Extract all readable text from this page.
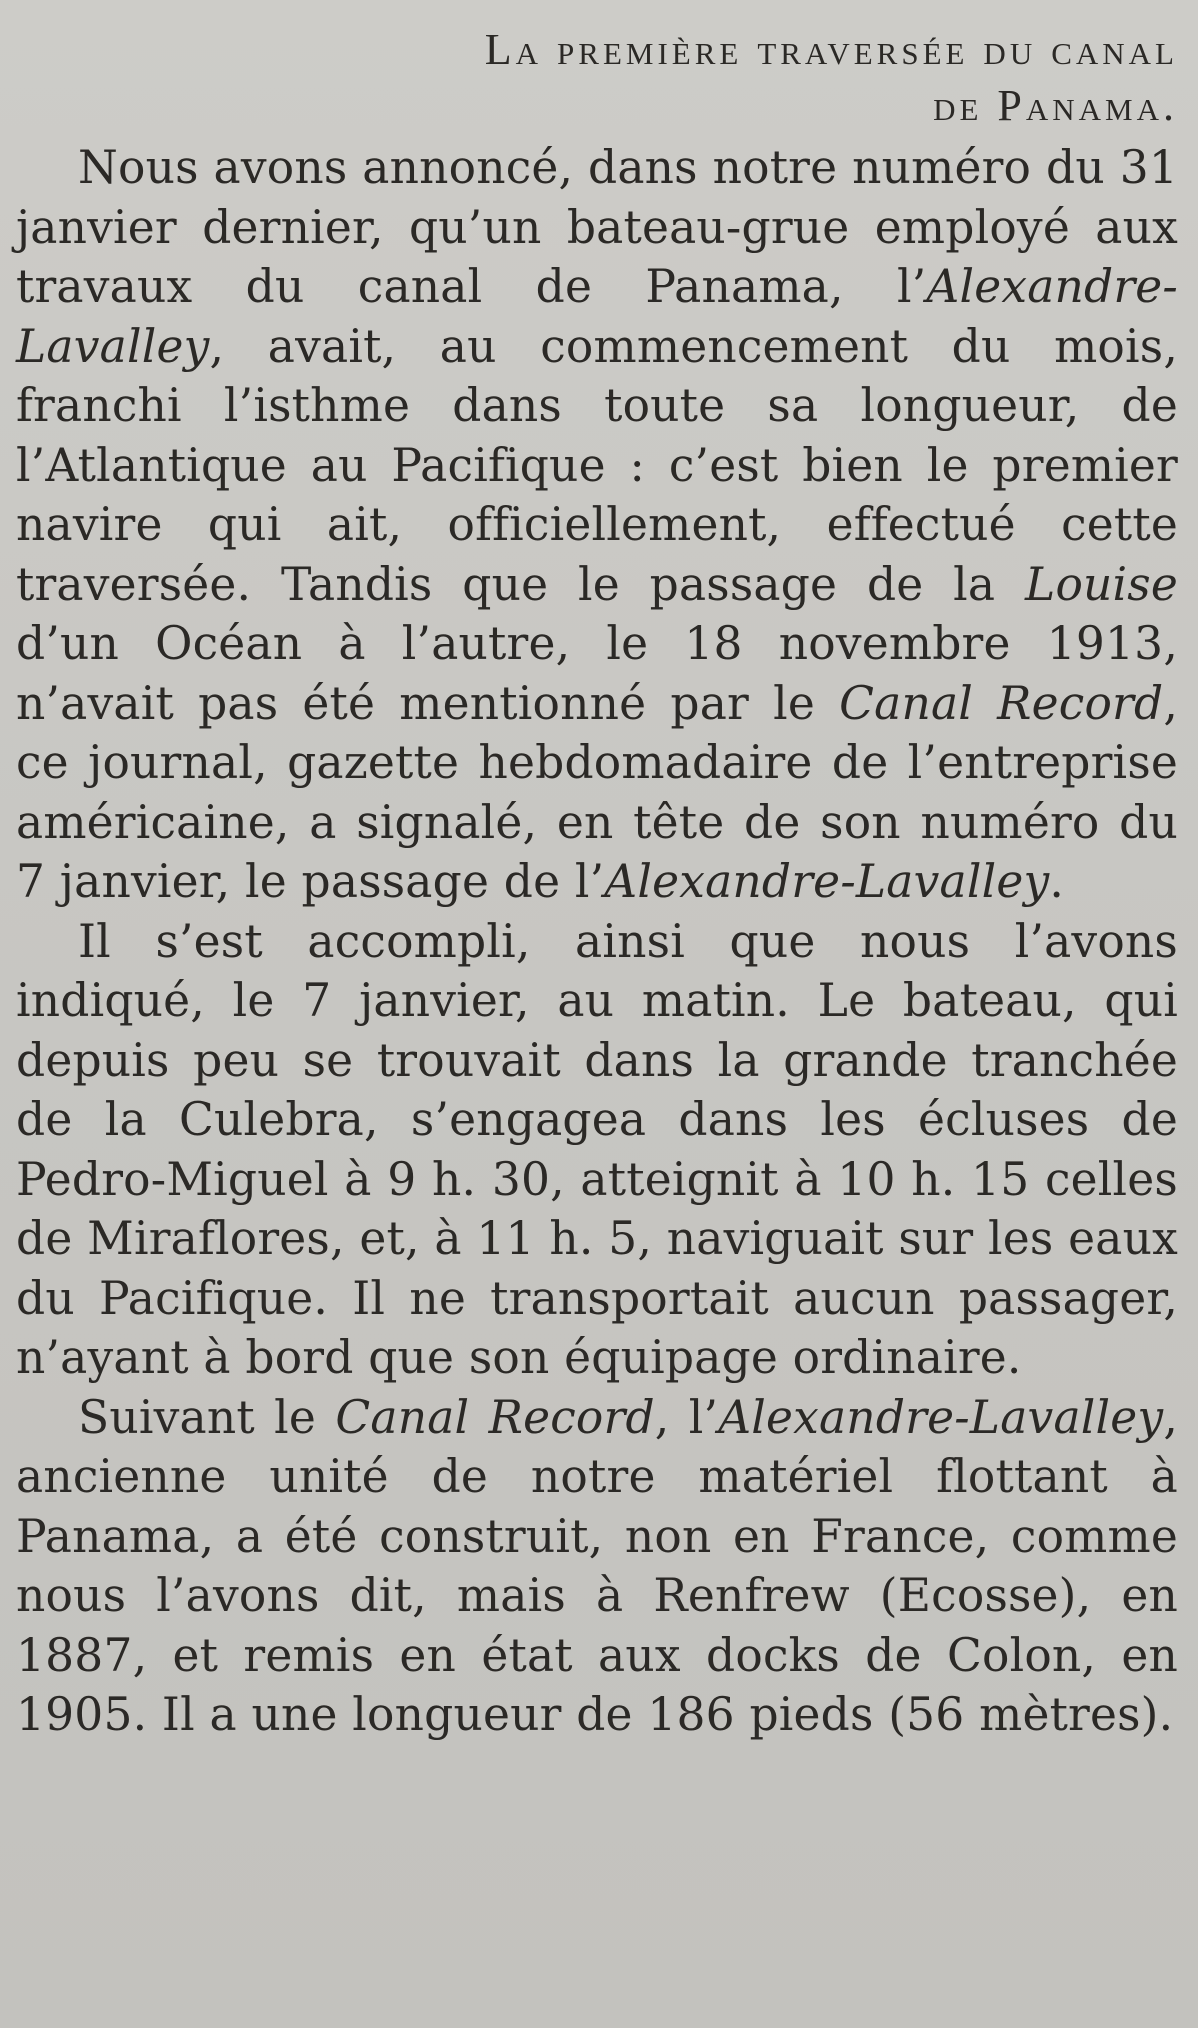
La première traversée du canal
de Panama.

Nous avons annoncé, dans notre numéro du 31 janvier dernier, qu’un bateau-grue employé aux travaux du canal de Panama, l’Alexandre-Lavalley, avait, au commencement du mois, franchi l’isthme dans toute sa longueur, de l’Atlantique au Pacifique : c’est bien le premier navire qui ait, officiellement, effectué cette traversée. Tandis que le passage de la Louise d’un Océan à l’autre, le 18 novembre 1913, n’avait pas été mentionné par le Canal Record, ce journal, gazette hebdomadaire de l’entreprise américaine, a signalé, en tête de son numéro du 7 janvier, le passage de l’Alexandre-Lavalley.

Il s’est accompli, ainsi que nous l’avons indiqué, le 7 janvier, au matin. Le bateau, qui depuis peu se trouvait dans la grande tranchée de la Culebra, s’engagea dans les écluses de Pedro-Miguel à 9 h. 30, atteignit à 10 h. 15 celles de Miraflores, et, à 11 h. 5, naviguait sur les eaux du Pacifique. Il ne transportait aucun passager, n’ayant à bord que son équipage ordinaire.

Suivant le Canal Record, l’Alexandre-Lavalley, ancienne unité de notre matériel flottant à Panama, a été construit, non en France, comme nous l’avons dit, mais à Renfrew (Ecosse), en 1887, et remis en état aux docks de Colon, en 1905. Il a une longueur de 186 pieds (56 mètres).
